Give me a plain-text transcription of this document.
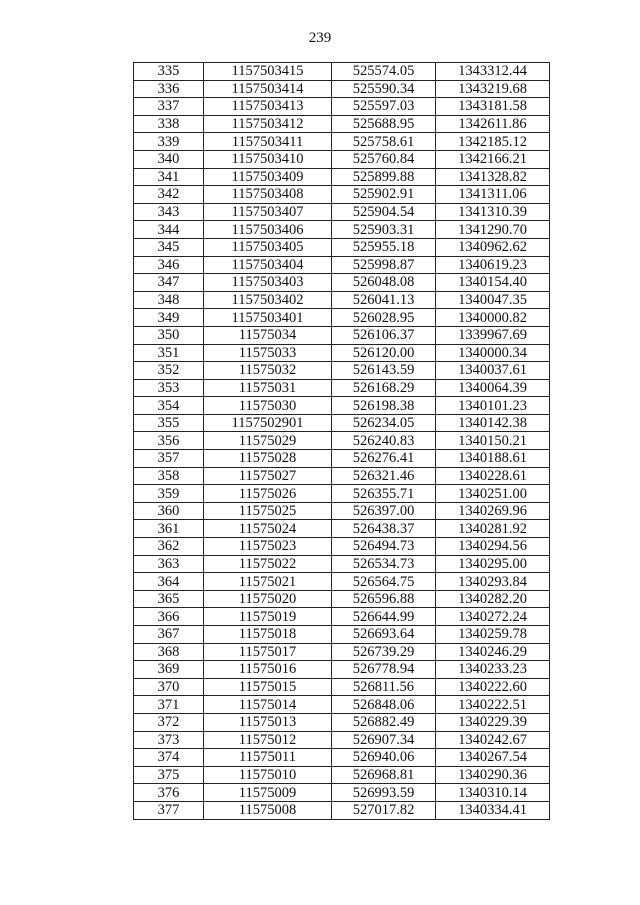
239
335	1157503415	525574.05	1343312.44
336	1157503414	525590.34	1343219.68
337	1157503413	525597.03	1343181.58
338	1157503412	525688.95	1342611.86
339	1157503411	525758.61	1342185.12
340	1157503410	525760.84	1342166.21
341	1157503409	525899.88	1341328.82
342	1157503408	525902.91	1341311.06
343	1157503407	525904.54	1341310.39
344	1157503406	525903.31	1341290.70
345	1157503405	525955.18	1340962.62
346	1157503404	525998.87	1340619.23
347	1157503403	526048.08	1340154.40
348	1157503402	526041.13	1340047.35
349	1157503401	526028.95	1340000.82
350	11575034	526106.37	1339967.69
351	11575033	526120.00	1340000.34
352	11575032	526143.59	1340037.61
353	11575031	526168.29	1340064.39
354	11575030	526198.38	1340101.23
355	1157502901	526234.05	1340142.38
356	11575029	526240.83	1340150.21
357	11575028	526276.41	1340188.61
358	11575027	526321.46	1340228.61
359	11575026	526355.71	1340251.00
360	11575025	526397.00	1340269.96
361	11575024	526438.37	1340281.92
362	11575023	526494.73	1340294.56
363	11575022	526534.73	1340295.00
364	11575021	526564.75	1340293.84
365	11575020	526596.88	1340282.20
366	11575019	526644.99	1340272.24
367	11575018	526693.64	1340259.78
368	11575017	526739.29	1340246.29
369	11575016	526778.94	1340233.23
370	11575015	526811.56	1340222.60
371	11575014	526848.06	1340222.51
372	11575013	526882.49	1340229.39
373	11575012	526907.34	1340242.67
374	11575011	526940.06	1340267.54
375	11575010	526968.81	1340290.36
376	11575009	526993.59	1340310.14
377	11575008	527017.82	1340334.41
